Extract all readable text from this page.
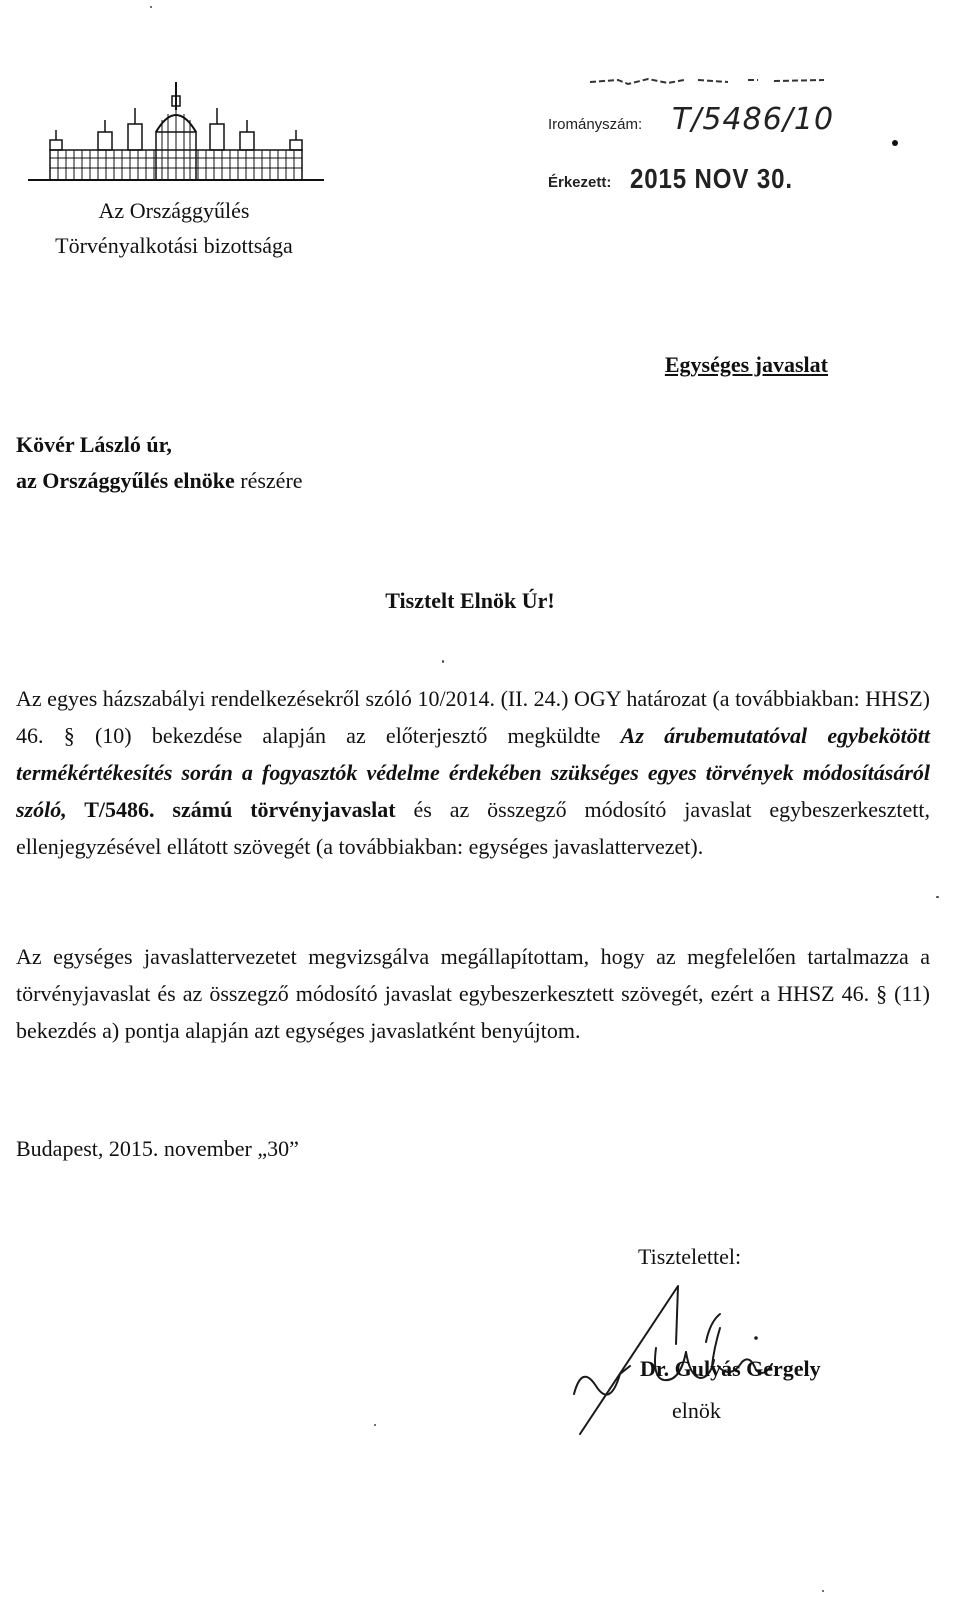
Az Országgyűlés
Törvényalkotási bizottsága
Irományszám: T/5486/10
Érkezett: 2015 NOV 30.
Egységes javaslat
Kövér László úr,
az Országgyűlés elnöke részére
Tisztelt Elnök Úr!
Az egyes házszabályi rendelkezésekről szóló 10/2014. (II. 24.) OGY határozat (a továbbiakban: HHSZ) 46. § (10) bekezdése alapján az előterjesztő megküldte Az árubemutatóval egybekötött termékértékesítés során a fogyasztók védelme érdekében szükséges egyes törvények módosításáról szóló, T/5486. számú törvényjavaslat és az összegző módosító javaslat egybeszerkesztett, ellenjegyzésével ellátott szövegét (a továbbiakban: egységes javaslattervezet).
Az egységes javaslattervezetet megvizsgálva megállapítottam, hogy az megfelelően tartalmazza a törvényjavaslat és az összegző módosító javaslat egybeszerkesztett szövegét, ezért a HHSZ 46. § (11) bekezdés a) pontja alapján azt egységes javaslatként benyújtom.
Budapest, 2015. november „30”
Tisztelettel:
Dr. Gulyás Gergely
elnök
